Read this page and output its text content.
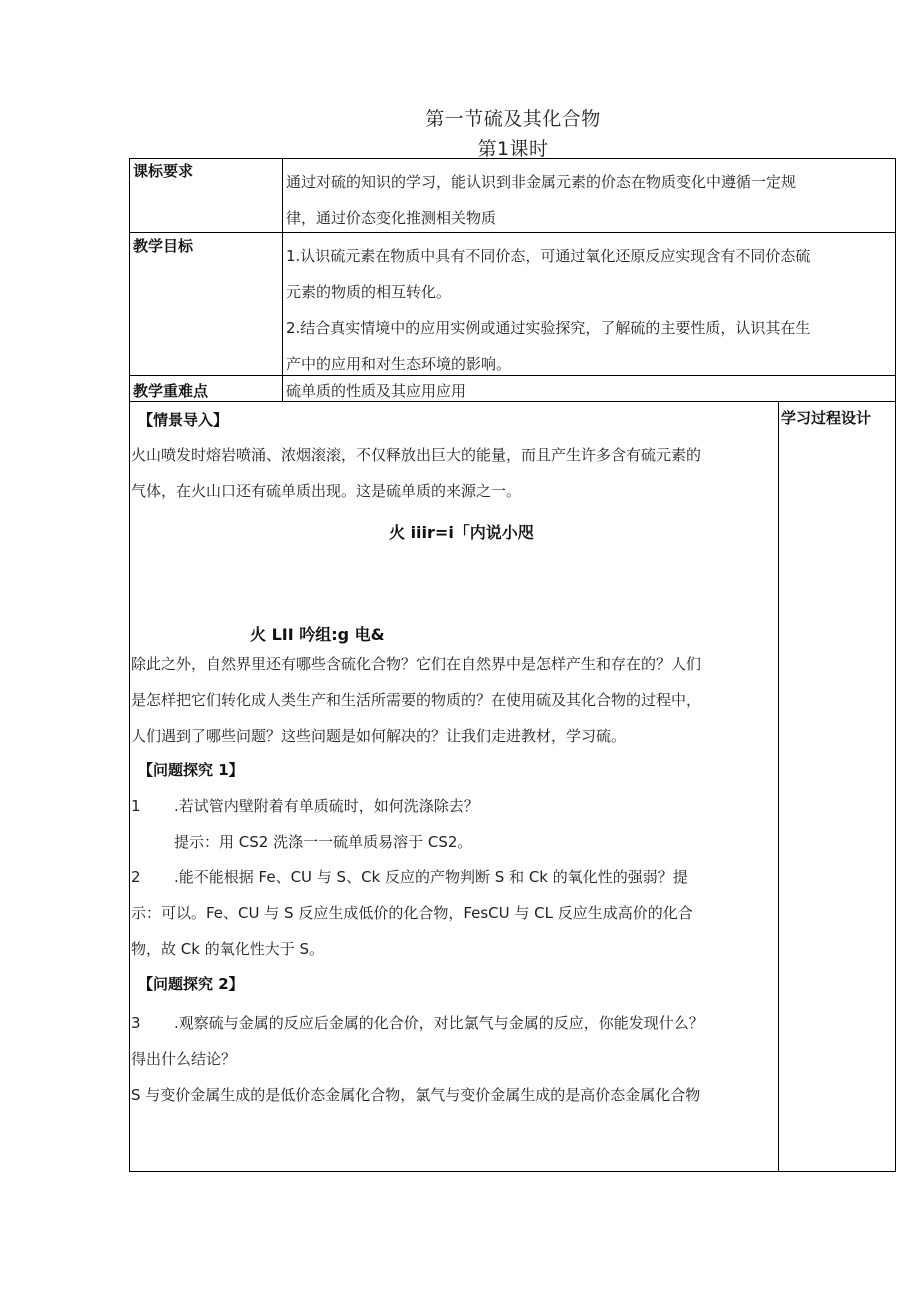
第一节硫及其化合物
第1课时
课标要求
通过对硫的知识的学习，能认识到非金属元素的价态在物质变化中遵循一定规
律，通过价态变化推测相关物质
教学目标
1.认识硫元素在物质中具有不同价态，可通过氧化还原反应实现含有不同价态硫
元素的物质的相互转化。
2.结合真实情境中的应用实例或通过实验探究，了解硫的主要性质，认识其在生
产中的应用和对生态环境的影响。
教学重难点	硫单质的性质及其应用应用
学习过程设计
【情景导入】
火山喷发时熔岩喷涌、浓烟滚滚，不仅释放出巨大的能量，而且产生许多含有硫元素的
气体，在火山口还有硫单质出现。这是硫单质的来源之一。
火 iiir=i「内说小咫
火 LII 吟组:g 电&
除此之外，自然界里还有哪些含硫化合物？它们在自然界中是怎样产生和存在的？人们
是怎样把它们转化成人类生产和生活所需要的物质的？在使用硫及其化合物的过程中，
人们遇到了哪些问题？这些问题是如何解决的？让我们走进教材，学习硫。
【问题探究 1】
1 .若试管内壁附着有单质硫时，如何洗涤除去？
提示：用 CS2 洗涤一一硫单质易溶于 CS2。
2 .能不能根据 Fe、CU 与 S、Ck 反应的产物判断 S 和 Ck 的氧化性的强弱？提
示：可以。Fe、CU 与 S 反应生成低价的化合物，FesCU 与 CL 反应生成高价的化合
物，故 Ck 的氧化性大于 S。
【问题探究 2】
3 .观察硫与金属的反应后金属的化合价，对比氯气与金属的反应，你能发现什么？
得出什么结论？
S 与变价金属生成的是低价态金属化合物，氯气与变价金属生成的是高价态金属化合物
